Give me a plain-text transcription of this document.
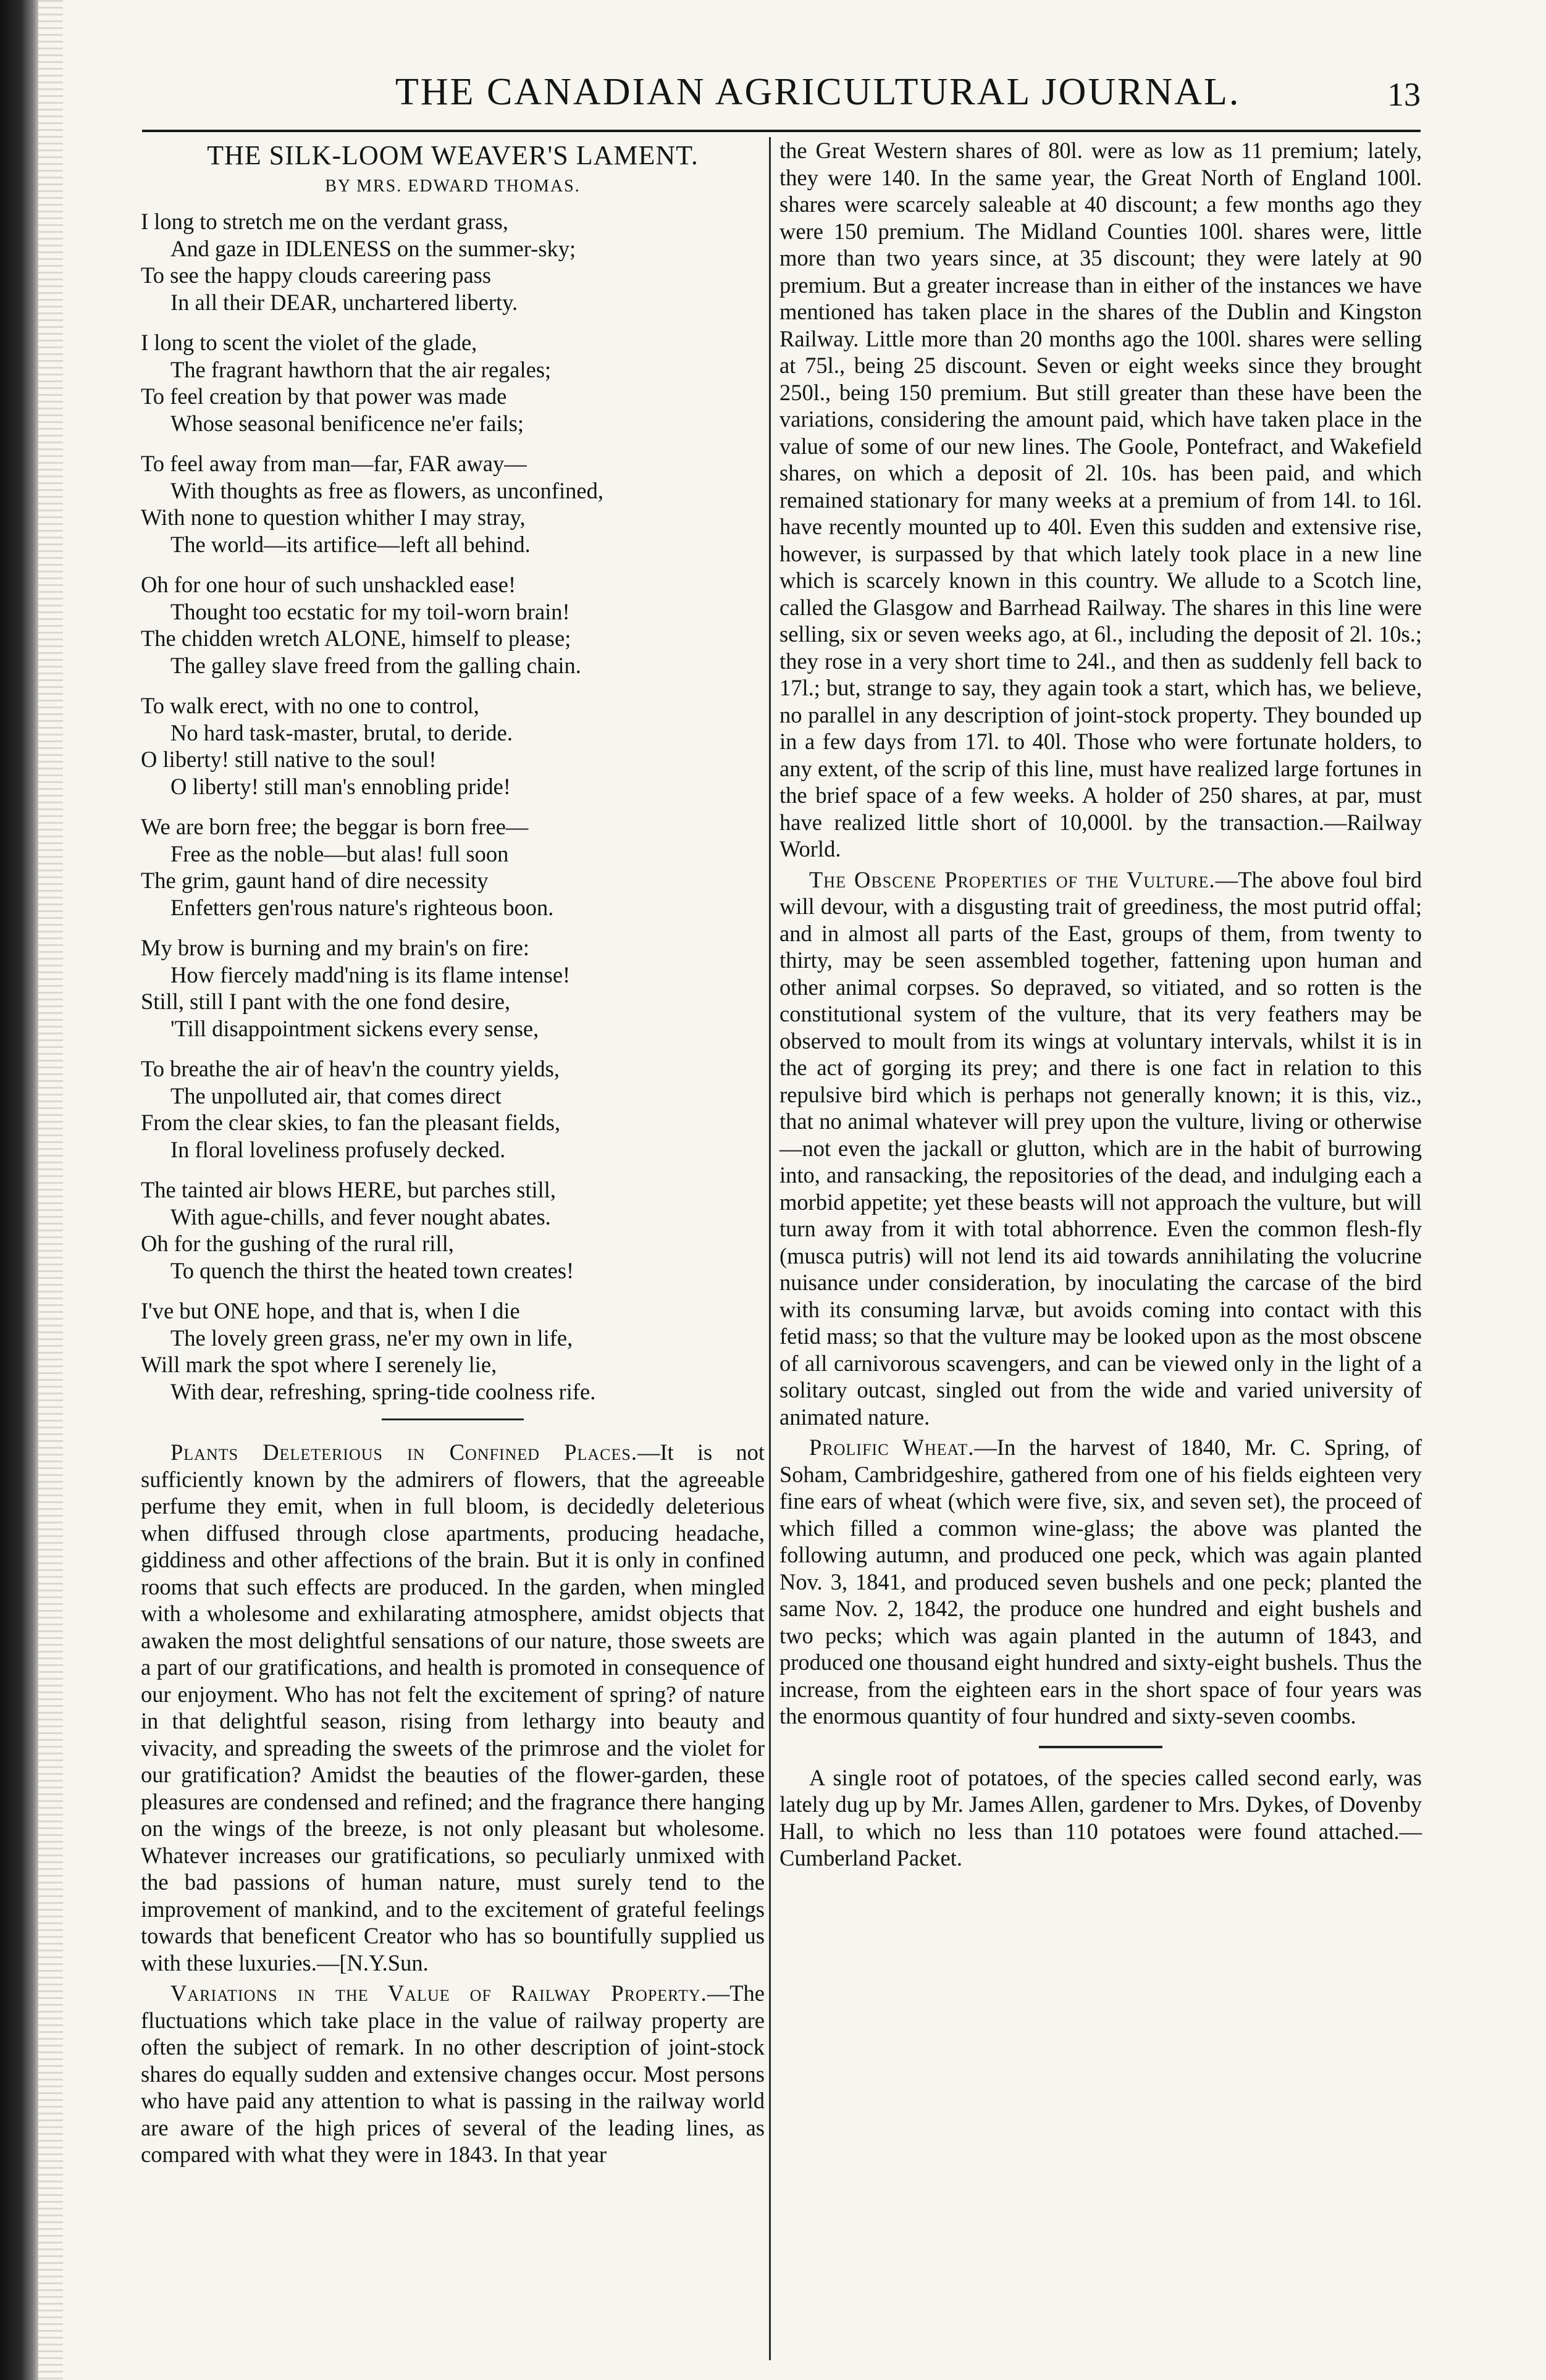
THE CANADIAN AGRICULTURAL JOURNAL.	13
THE SILK-LOOM WEAVER'S LAMENT.
BY MRS. EDWARD THOMAS.
I long to stretch me on the verdant grass,
And gaze in IDLENESS on the summer-sky;
To see the happy clouds careering pass
In all their DEAR, unchartered liberty.
I long to scent the violet of the glade,
The fragrant hawthorn that the air regales;
To feel creation by that power was made
Whose seasonal benificence ne'er fails;
To feel away from man—far, FAR away—
With thoughts as free as flowers, as unconfined,
With none to question whither I may stray,
The world—its artifice—left all behind.
Oh for one hour of such unshackled ease!
Thought too ecstatic for my toil-worn brain!
The chidden wretch ALONE, himself to please;
The galley slave freed from the galling chain.
To walk erect, with no one to control,
No hard task-master, brutal, to deride.
O liberty! still native to the soul!
O liberty! still man's ennobling pride!
We are born free; the beggar is born free—
Free as the noble—but alas! full soon
The grim, gaunt hand of dire necessity
Enfetters gen'rous nature's righteous boon.
My brow is burning and my brain's on fire:
How fiercely madd'ning is its flame intense!
Still, still I pant with the one fond desire,
'Till disappointment sickens every sense,
To breathe the air of heav'n the country yields,
The unpolluted air, that comes direct
From the clear skies, to fan the pleasant fields,
In floral loveliness profusely decked.
The tainted air blows HERE, but parches still,
With ague-chills, and fever nought abates.
Oh for the gushing of the rural rill,
To quench the thirst the heated town creates!
I've but ONE hope, and that is, when I die
The lovely green grass, ne'er my own in life,
Will mark the spot where I serenely lie,
With dear, refreshing, spring-tide coolness rife.

Plants Deleterious in Confined Places.—It is not sufficiently known by the admirers of flowers, that the agreeable perfume they emit, when in full bloom, is decidedly deleterious when diffused through close apartments, producing headache, giddiness and other affections of the brain. But it is only in confined rooms that such effects are produced. In the garden, when mingled with a wholesome and exhilarating atmosphere, amidst objects that awaken the most delightful sensations of our nature, those sweets are a part of our gratifications, and health is promoted in consequence of our enjoyment. Who has not felt the excitement of spring? of nature in that delightful season, rising from lethargy into beauty and vivacity, and spreading the sweets of the primrose and the violet for our gratification? Amidst the beauties of the flower-garden, these pleasures are condensed and refined; and the fragrance there hanging on the wings of the breeze, is not only pleasant but wholesome. Whatever increases our gratifications, so peculiarly unmixed with the bad passions of human nature, must surely tend to the improvement of mankind, and to the excitement of grateful feelings towards that beneficent Creator who has so bountifully supplied us with these luxuries.—[N.Y.Sun.

Variations in the Value of Railway Property.—The fluctuations which take place in the value of railway property are often the subject of remark. In no other description of joint-stock shares do equally sudden and extensive changes occur. Most persons who have paid any attention to what is passing in the railway world are aware of the high prices of several of the leading lines, as compared with what they were in 1843. In that year

the Great Western shares of 80l. were as low as 11 premium; lately, they were 140. In the same year, the Great North of England 100l. shares were scarcely saleable at 40 discount; a few months ago they were 150 premium. The Midland Counties 100l. shares were, little more than two years since, at 35 discount; they were lately at 90 premium. But a greater increase than in either of the instances we have mentioned has taken place in the shares of the Dublin and Kingston Railway. Little more than 20 months ago the 100l. shares were selling at 75l., being 25 discount. Seven or eight weeks since they brought 250l., being 150 premium. But still greater than these have been the variations, considering the amount paid, which have taken place in the value of some of our new lines. The Goole, Pontefract, and Wakefield shares, on which a deposit of 2l. 10s. has been paid, and which remained stationary for many weeks at a premium of from 14l. to 16l. have recently mounted up to 40l. Even this sudden and extensive rise, however, is surpassed by that which lately took place in a new line which is scarcely known in this country. We allude to a Scotch line, called the Glasgow and Barrhead Railway. The shares in this line were selling, six or seven weeks ago, at 6l., including the deposit of 2l. 10s.; they rose in a very short time to 24l., and then as suddenly fell back to 17l.; but, strange to say, they again took a start, which has, we believe, no parallel in any description of joint-stock property. They bounded up in a few days from 17l. to 40l. Those who were fortunate holders, to any extent, of the scrip of this line, must have realized large fortunes in the brief space of a few weeks. A holder of 250 shares, at par, must have realized little short of 10,000l. by the transaction.—Railway World.

The Obscene Properties of the Vulture.—The above foul bird will devour, with a disgusting trait of greediness, the most putrid offal; and in almost all parts of the East, groups of them, from twenty to thirty, may be seen assembled together, fattening upon human and other animal corpses. So depraved, so vitiated, and so rotten is the constitutional system of the vulture, that its very feathers may be observed to moult from its wings at voluntary intervals, whilst it is in the act of gorging its prey; and there is one fact in relation to this repulsive bird which is perhaps not generally known; it is this, viz., that no animal whatever will prey upon the vulture, living or otherwise—not even the jackall or glutton, which are in the habit of burrowing into, and ransacking, the repositories of the dead, and indulging each a morbid appetite; yet these beasts will not approach the vulture, but will turn away from it with total abhorrence. Even the common flesh-fly (musca putris) will not lend its aid towards annihilating the volucrine nuisance under consideration, by inoculating the carcase of the bird with its consuming larvæ, but avoids coming into contact with this fetid mass; so that the vulture may be looked upon as the most obscene of all carnivorous scavengers, and can be viewed only in the light of a solitary outcast, singled out from the wide and varied university of animated nature.

Prolific Wheat.—In the harvest of 1840, Mr. C. Spring, of Soham, Cambridgeshire, gathered from one of his fields eighteen very fine ears of wheat (which were five, six, and seven set), the proceed of which filled a common wine-glass; the above was planted the following autumn, and produced one peck, which was again planted Nov. 3, 1841, and produced seven bushels and one peck; planted the same Nov. 2, 1842, the produce one hundred and eight bushels and two pecks; which was again planted in the autumn of 1843, and produced one thousand eight hundred and sixty-eight bushels. Thus the increase, from the eighteen ears in the short space of four years was the enormous quantity of four hundred and sixty-seven coombs.

A single root of potatoes, of the species called second early, was lately dug up by Mr. James Allen, gardener to Mrs. Dykes, of Dovenby Hall, to which no less than 110 potatoes were found attached.—Cumberland Packet.
